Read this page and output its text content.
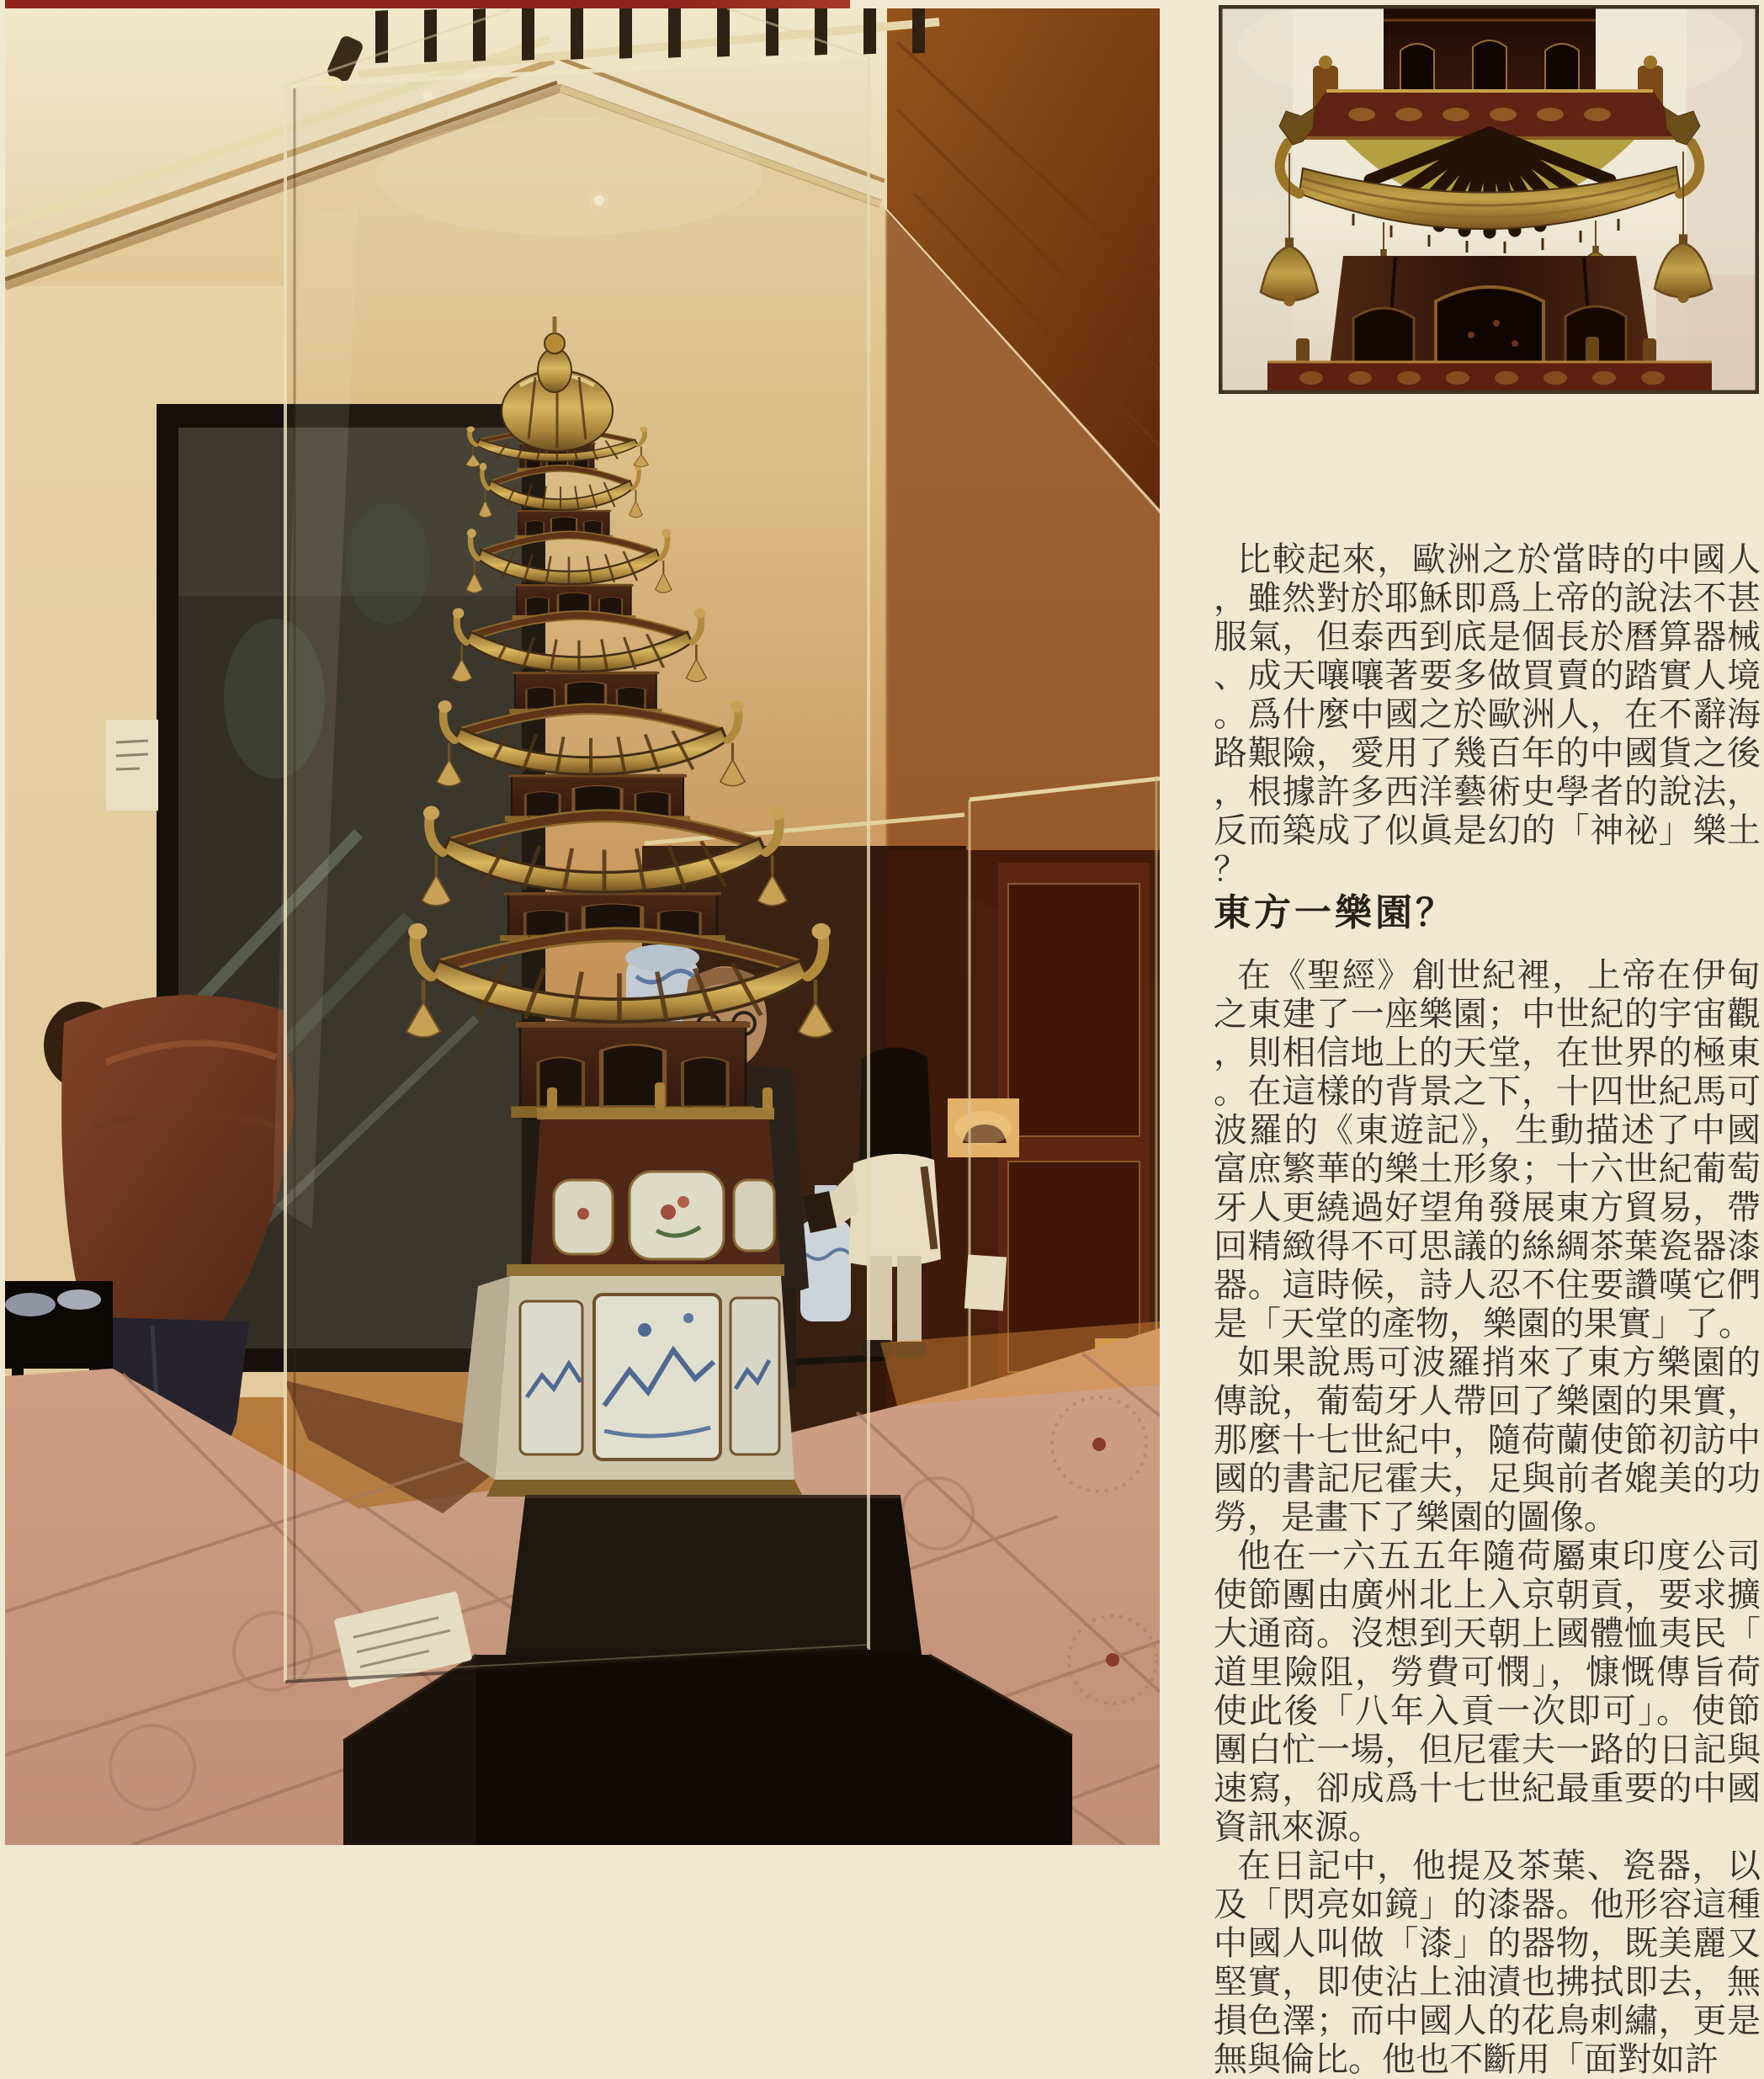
比較起來，歐洲之於當時的中國人，雖然對於耶穌即爲上帝的說法不甚服氣，但泰西到底是個長於曆算器械、成天嚷嚷著要多做買賣的踏實人境。爲什麼中國之於歐洲人，在不辭海路艱險，愛用了幾百年的中國貨之後，根據許多西洋藝術史學者的說法，反而築成了似眞是幻的「神祕」樂土？

東方一樂園？

在《聖經》創世紀裡，上帝在伊甸之東建了一座樂園；中世紀的宇宙觀，則相信地上的天堂，在世界的極東。在這樣的背景之下，十四世紀馬可波羅的《東遊記》，生動描述了中國富庶繁華的樂土形象；十六世紀葡萄牙人更繞過好望角發展東方貿易，帶回精緻得不可思議的絲綢茶葉瓷器漆器。這時候，詩人忍不住要讚嘆它們是「天堂的產物，樂園的果實」了。

如果說馬可波羅捎來了東方樂園的傳說，葡萄牙人帶回了樂園的果實，那麼十七世紀中，隨荷蘭使節初訪中國的書記尼霍夫，足與前者媲美的功勞，是畫下了樂園的圖像。

他在一六五五年隨荷屬東印度公司使節團由廣州北上入京朝貢，要求擴大通商。沒想到天朝上國體恤夷民「道里險阻，勞費可憫」，慷慨傳旨荷使此後「八年入貢一次即可」。使節團白忙一場，但尼霍夫一路的日記與速寫，卻成爲十七世紀最重要的中國資訊來源。

在日記中，他提及茶葉、瓷器，以及「閃亮如鏡」的漆器。他形容這種中國人叫做「漆」的器物，既美麗又堅實，即使沾上油漬也拂拭即去，無損色澤；而中國人的花鳥刺繡，更是無與倫比。他也不斷用「面對如許
